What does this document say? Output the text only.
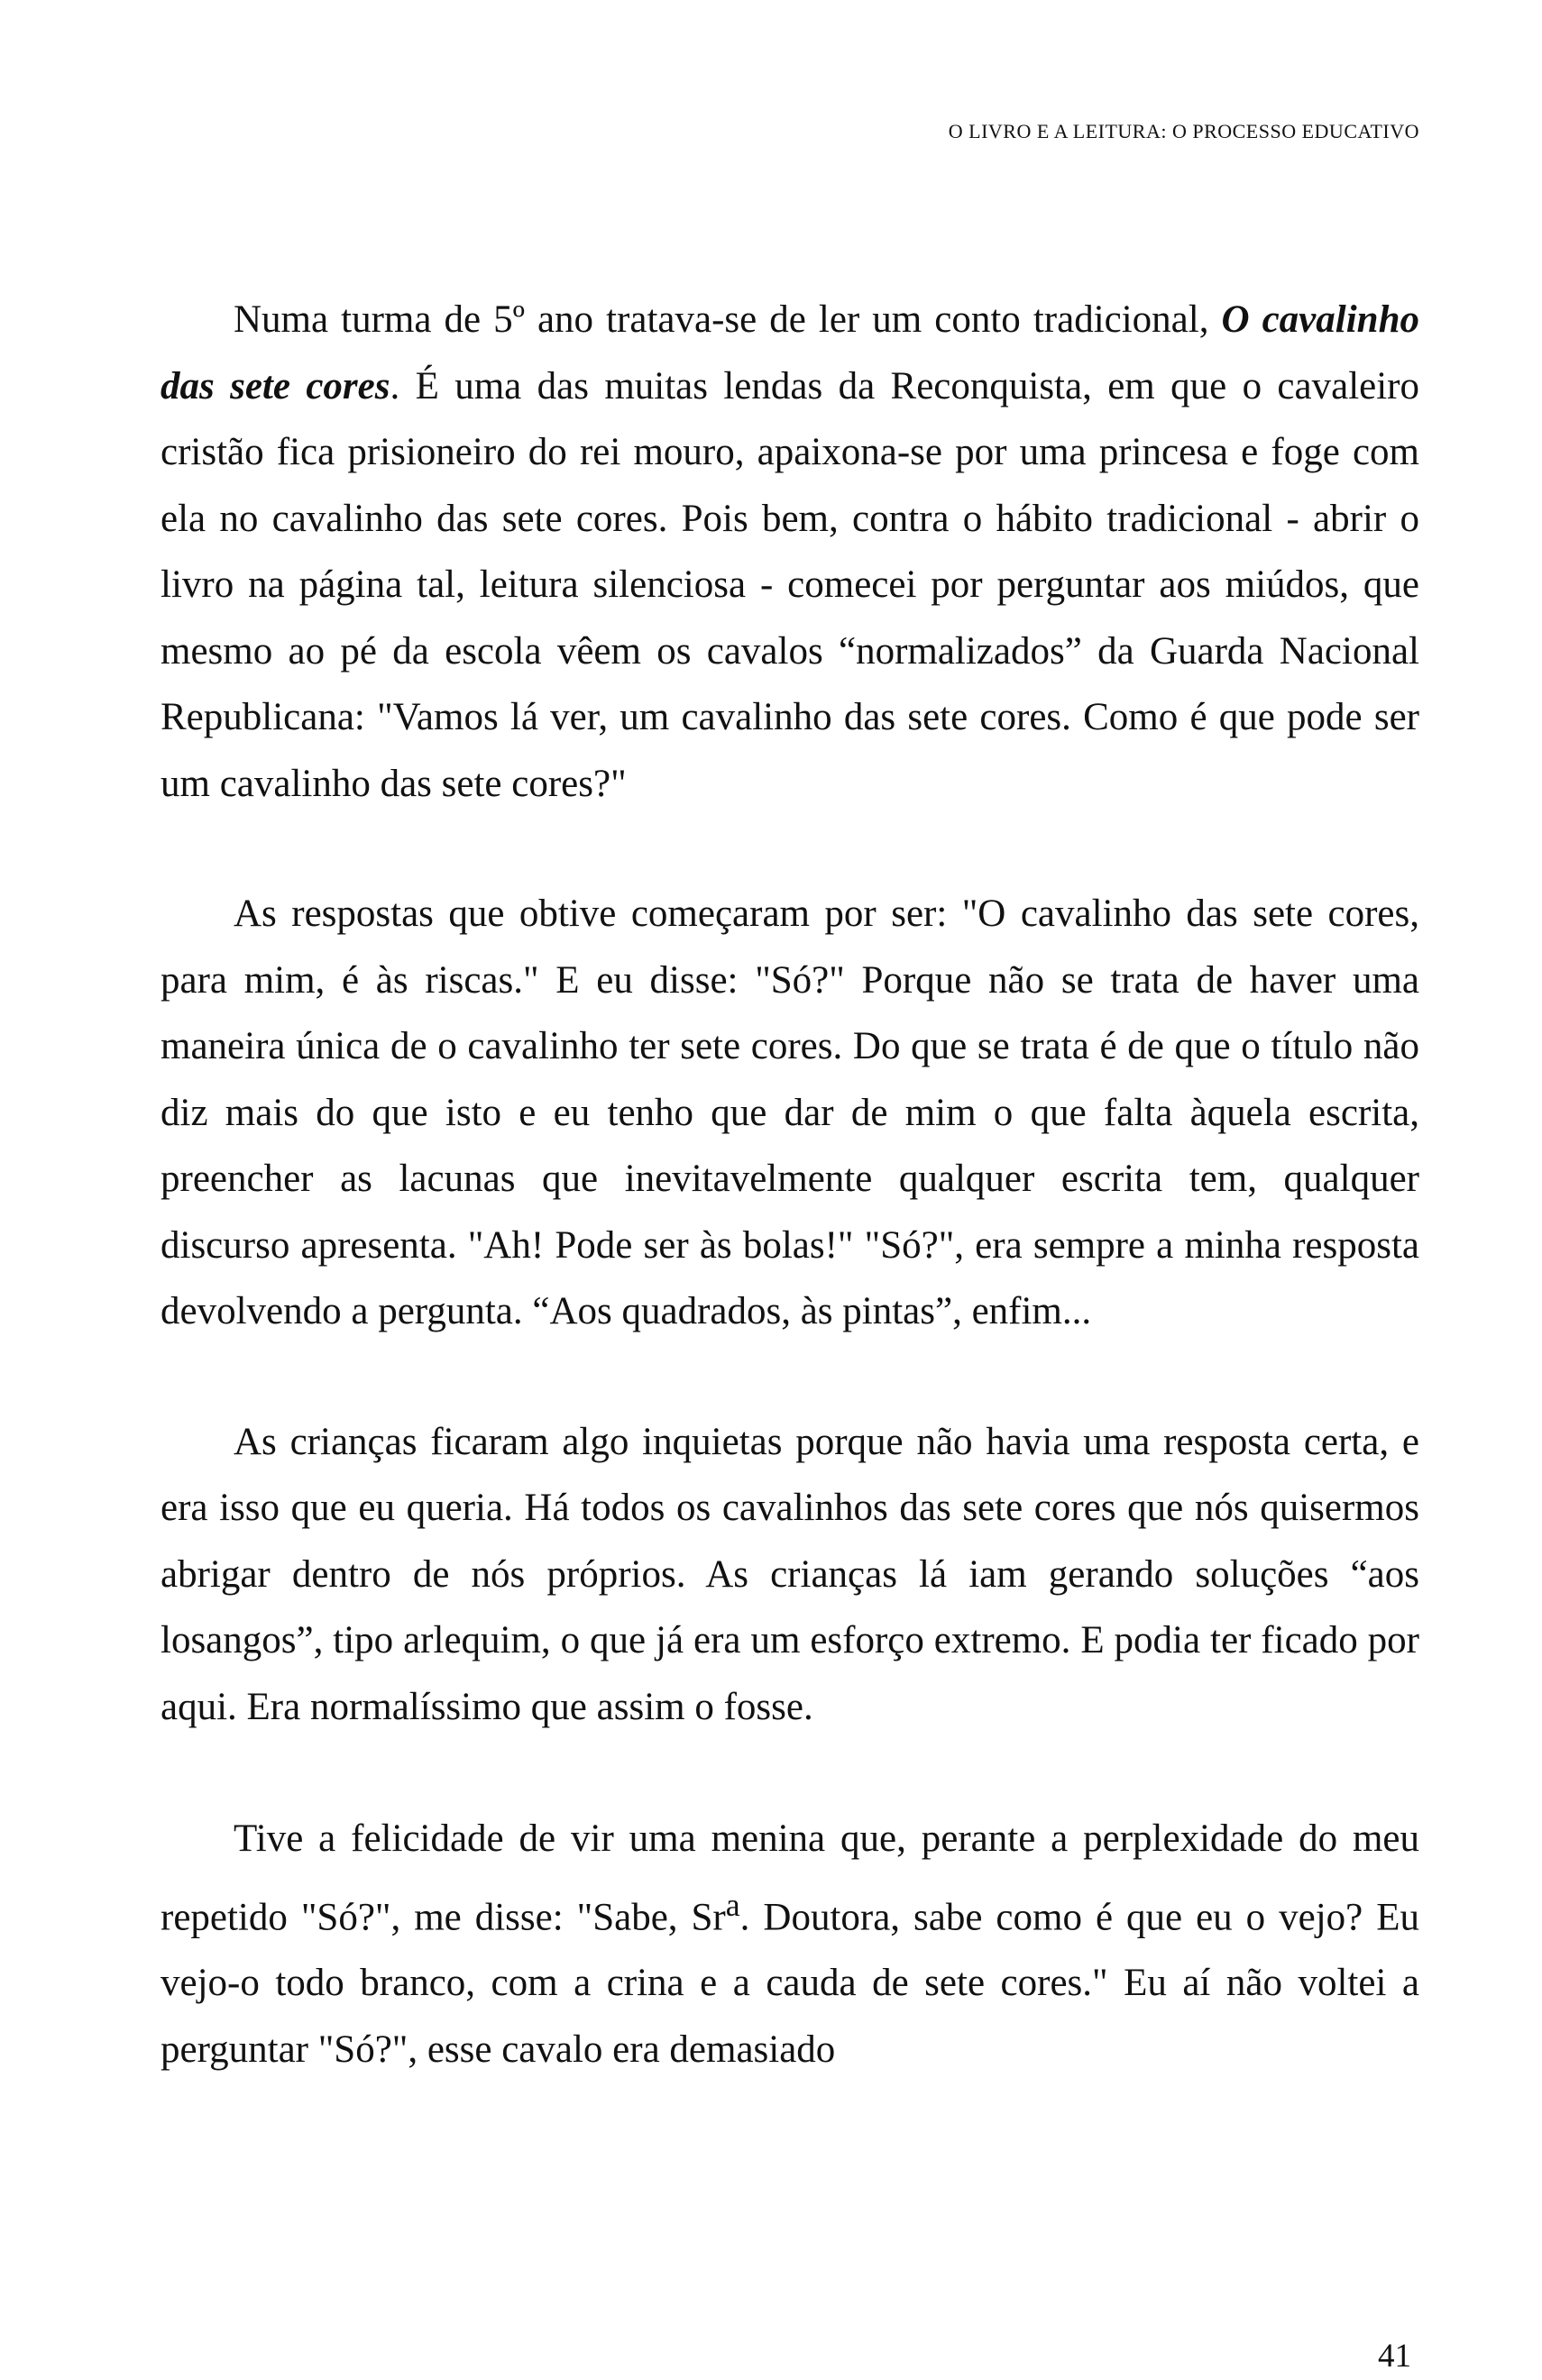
O LIVRO E A LEITURA: O PROCESSO EDUCATIVO

Numa turma de 5º ano tratava-se de ler um conto tradicional, O cavalinho das sete cores. É uma das muitas lendas da Reconquista, em que o cavaleiro cristão fica prisioneiro do rei mouro, apaixona-se por uma princesa e foge com ela no cavalinho das sete cores. Pois bem, contra o hábito tradicional - abrir o livro na página tal, leitura silenciosa - comecei por perguntar aos miúdos, que mesmo ao pé da escola vêem os cavalos “normalizados” da Guarda Nacional Republicana: "Vamos lá ver, um cavalinho das sete cores. Como é que pode ser um cavalinho das sete cores?"

As respostas que obtive começaram por ser: "O cavalinho das sete cores, para mim, é às riscas." E eu disse: "Só?" Porque não se trata de haver uma maneira única de o cavalinho ter sete cores. Do que se trata é de que o título não diz mais do que isto e eu tenho que dar de mim o que falta àquela escrita, preencher as lacunas que inevitavelmente qualquer escrita tem, qualquer discurso apresenta. "Ah! Pode ser às bolas!" "Só?", era sempre a minha resposta devolvendo a pergunta. “Aos quadrados, às pintas”, enfim...

As crianças ficaram algo inquietas porque não havia uma resposta certa, e era isso que eu queria. Há todos os cavalinhos das sete cores que nós quisermos abrigar dentro de nós próprios. As crianças lá iam gerando soluções “aos losangos”, tipo arlequim, o que já era um esforço extremo. E podia ter ficado por aqui. Era normalíssimo que assim o fosse.

Tive a felicidade de vir uma menina que, perante a perplexidade do meu repetido "Só?", me disse: "Sabe, Sr$^a$. Doutora, sabe como é que eu o vejo? Eu vejo-o todo branco, com a crina e a cauda de sete cores." Eu aí não voltei a perguntar "Só?", esse cavalo era demasiado

41
